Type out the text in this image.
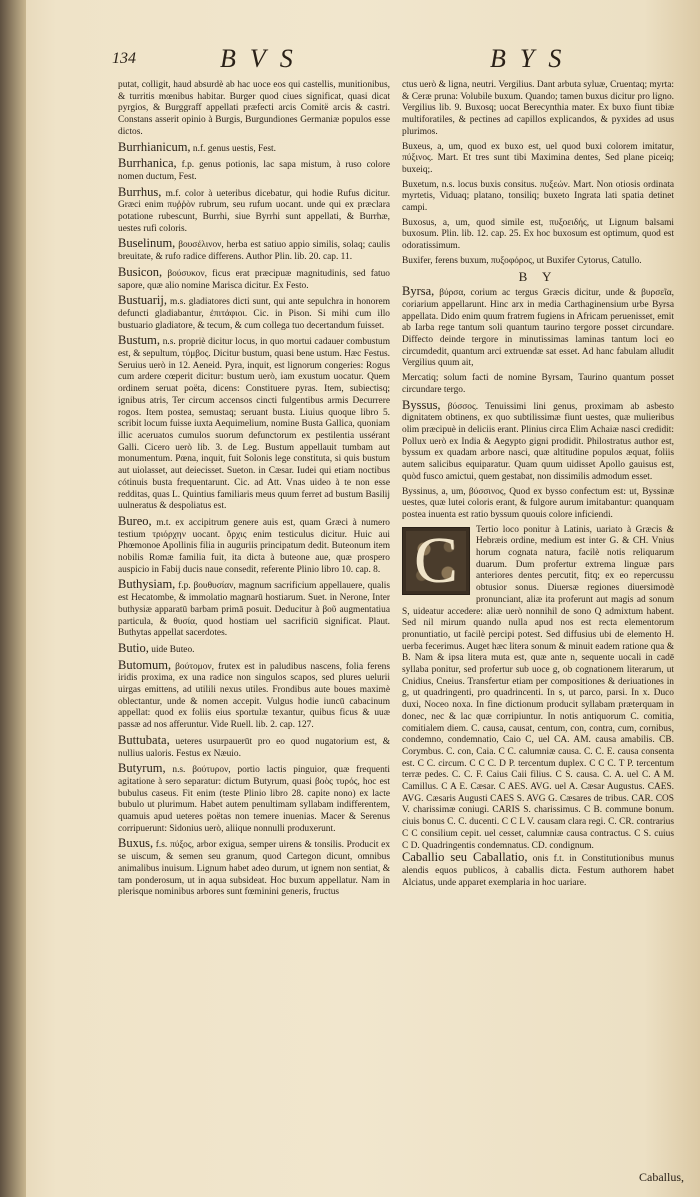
134	BVS	BYS
putat, colligit, haud absurdè ab hac uoce eos qui castellis, munitionibus, & turritis mœnibus habitar. Burger quod ciues significat, quasi dicat pyrgios, & Burggraff appellati præfecti arcis Comitë arcis & castri. Constans asserit opinio à Burgis, Burgundiones Germaniæ populos esse dictos.
Burrhianicum, n.f. genus uestis, Fest.
Burrhanica, f.p. genus potionis, lac sapa mistum, à ruso colore nomen ductum, Fest.
Burrhus, m.f. color à ueteribus dicebatur, qui hodie Rufus dicitur. Græci enim πυῤῥὸν rubrum, seu rufum uocant. unde qui ex præclara potatione rubescunt, Burrhi, siue Byrrhi sunt appellati, & Burrhæ, uestes rufi coloris.
Buselinum, βουσέλινον, herba est satiuo appio similis, solaq; caulis breuitate, & rufo radice differens. Author Plin. lib. 20. cap. 11.
Busicon, βούσυκον, ficus erat præcipuæ magnitudinis, sed fatuo sapore, quæ alio nomine Marisca dicitur. Ex Festo.
Bustuarij, m.s. gladiatores dicti sunt, qui ante sepulchra in honorem defuncti gladiabantur, ἐπιτάφιοι. Cic. in Pison. Si mihi cum illo bustuario gladiatore, & tecum, & cum collega tuo decertandum fuisset.
Bustum, n.s. propriè dicitur locus, in quo mortui cadauer combustum est, & sepultum, τύμβος. Dicitur bustum, quasi bene ustum. Hæc Festus. Seruius uerò in 12. Aeneid. Pyra, inquit, est lignorum congeries: Rogus cum ardere cœperit dicitur: bustum uerò, iam exustum uocatur. Quem ordinem seruat poëta, dicens: Constituere pyras. Item, subiectisq; ignibus atris, Ter circum accensos cincti fulgentibus armis Decurrere rogos. Item postea, semustaq; seruant busta. Liuius quoque libro 5. scribit locum fuisse iuxta Aequimelium, nomine Busta Gallica, quoniam illic aceruatos cumulos suorum defunctorum ex pestilentia ussérant Galli. Cicero uerò lib. 3. de Leg. Bustum appellauit tumbam aut monumentum. Pœna, inquit, fuit Solonis lege constituta, si quis bustum aut uiolasset, aut deiecisset. Sueton. in Cæsar. Iudei qui etiam noctibus cótinuis busta frequentarunt. Cic. ad Att. Vnas uideo à te non esse redditas, quas L. Quintius familiaris meus quum ferret ad bustum Basilij uulneratus & despoliatus est.
Bureo, m.t. ex accipitrum genere auis est, quam Græci à numero testium τριόρχην uocant. ὄρχις enim testiculus dicitur. Huic aui Phœmonoe Apollinis filia in auguriis principatum dedit. Buteonum item nobilis Romæ familia fuit, ita dicta à buteone aue, quæ prospero auspicio in Fabij ducis naue consedit, referente Plinio libro 10. cap. 8.
Buthysiam, f.p. βουθυσίαν, magnum sacrificium appellauere, qualis est Hecatombe, & immolatio magnarū hostiarum. Suet. in Nerone, Inter buthysiæ apparatū barbam primā posuit. Deducitur à βοῦ augmentatiua particula, & θυσία, quod hostiam uel sacrificiū significat. Plaut. Buthytas appellat sacerdotes.
Butio, uide Buteo.
Butomum, βούτομον, frutex est in paludibus nascens, folia ferens iridis proxima, ex una radice non singulos scapos, sed plures uelurii uirgas emittens, ad utilili nexus utiles. Frondibus aute boues maximè oblectantur, unde & nomen accepit. Vulgus hodie iuncū cabacinum appellat: quod ex foliis eius sportulæ texantur, quibus ficus & uuæ passæ ad nos afferuntur. Vide Ruell. lib. 2. cap. 127.
Buttubata, ueteres usurpauerūt pro eo quod nugatorium est, & nullius ualoris. Festus ex Næuio.
Butyrum, n.s. βούτυρον, portio lactis pinguior, quæ frequenti agitatione à sero separatur: dictum Butyrum, quasi βοὸς τυρός, hoc est bubulus caseus. Fit enim (teste Plinio libro 28. capite nono) ex lacte bubulo ut plurimum. Habet autem penultimam syllabam indifferentem, quamuis apud ueteres poëtas non temere inuenias. Macer & Serenus corripuerunt: Sidonius uerò, aliique nonnulli produxerunt.
Buxus, f.s. πύξος, arbor exigua, semper uirens & tonsilis. Producit ex se uiscum, & semen seu granum, quod Cartegon dicunt, omnibus animalibus inuisum. Lignum habet adeo durum, ut ignem non sentiat, & tam ponderosum, ut in aqua subsideat. Hoc buxum appellatur. Nam in plerisque nominibus arbores sunt fœminini generis, fructus
ctus uerò & ligna, neutri. Vergilius. Dant arbuta syluæ, Cruentaq; myrta: & Ceræ pruna: Volubile buxum. Quando; tamen buxus dicitur pro ligno. Vergilius lib. 9. Buxosq; uocat Berecynthia mater. Ex buxo fiunt tibiæ multiforatiles, & pectines ad capillos explicandos, & pyxides ad usus plurimos.
Buxeus, a, um, quod ex buxo est, uel quod buxi colorem imitatur, πύξινος. Mart. Et tres sunt tibi Maximina dentes, Sed plane piceiq; buxeiq;.
Buxetum, n.s. locus buxis consitus. πυξεών. Mart. Non otiosis ordinata myrtetis, Viduaq; platano, tonsiliq; buxeto Ingrata lati spatia detinet campi.
Buxosus, a, um, quod simile est, πυξοειδής, ut Lignum balsami buxosum. Plin. lib. 12. cap. 25. Ex hoc buxosum est optimum, quod est odoratissimum.
Buxifer, ferens buxum, πυξοφόρος, ut Buxifer Cytorus, Catullo.
B Y
Byrsa, βύρσα, corium ac tergus Græcis dicitur, unde & βυρσεῖα, coriarium appellarunt. Hinc arx in media Carthaginensium urbe Byrsa appellata. Dido enim quum fratrem fugiens in Africam peruenisset, emit ab Iarba rege tantum soli quantum taurino tergore posset circundare. Diffecto deinde tergore in minutissimas laminas tantum loci eo circumdedit, quantum arci extruendæ sat esset. Ad hanc fabulam alludit Vergilius quum ait,
Mercatiq; solum facti de nomine Byrsam, Taurino quantum posset circundare tergo.
Byssus, βύσσος. Tenuissimi lini genus, proximam ab asbesto dignitatem obtinens, ex quo subtilissimæ fiunt uestes, quæ mulieribus olim præcipuè in deliciis erant. Plinius circa Elim Achaiæ nasci credidit: Pollux uerò ex India & Aegypto gigni prodidit. Philostratus author est, byssum ex quadam arbore nasci, quæ altitudine populos æquat, foliis autem salicibus equiparatur. Quam quum uidisset Apollo gauisus est, quòd fusco amictui, quem gestabat, non dissimilis admodum esset.
Byssinus, a, um, βύσσινος, Quod ex bysso confectum est: ut, Byssinæ uestes, quæ lutei coloris erant, & fulgore aurum imitabantur: quanquam postea inuenta est ratio byssum quouis colore inficiendi.
C	Tertio loco ponitur à Latinis, uariato à Græcis & Hebræis ordine, medium est inter G. & CH. Vnius horum cognata natura, facilè notis reliquarum duarum. Dum profertur extrema linguæ pars anteriores dentes percutit, fitq; ex eo repercussu obtusior sonus. Diuersæ regiones diuersimodè pronunciant, aliæ ita proferunt aut magis ad sonum S, uideatur accedere: aliæ uerò nonnihil de sono Q admixtum habent. Sed nil mirum quando nulla apud nos est recta elementorum pronuntiatio, ut facilè percipi potest. Sed diffusius ubi de elemento H. uerba fecerimus. Auget hæc litera sonum & minuit eadem ratione qua & B. Nam & ipsa litera muta est, quæ ante n, sequente uocali in cadē syllaba ponitur, sed profertur sub uoce g, ob cognationem literarum, ut Cnidius, Cneius. Transfertur etiam per compositiones & deriuationes in g, ut quadringenti, pro quadrincenti. In s, ut parco, parsi. In x. Duco duxi, Noceo noxa. In fine dictionum producit syllabam præterquam in donec, nec & lac quæ corripiuntur. In notis antiquorum C. comitia, comitialem diem. C. causa, causat, centum, con, contra, cum, cornibus, condemno, condemnatio, Caio C, uel CA. AM. causa amabilis. CB. Corymbus. C. con, Caia. C C. calumniæ causa. C. C. E. causa consenta est. C C. circum. C C C. D P. tercentum duplex. C C C. T P. tercentum terræ pedes. C. C. F. Caius Caii filius. C S. causa. C. A. uel C. A M. Camillus. C A E. Cæsar. C AES. AVG. uel A. Cæsar Augustus. CAES. AVG. Cæsaris Augusti CAES S. AVG G. Cæsares de tribus. CAR. COS V. charissimæ coniugi. CARIS S. charissimus. C B. commune bonum. ciuis bonus C. C. ducenti. C C L V. causam clara regi. C. CR. contrarius C C consilium cepit. uel cesset, calumniæ causa contractus. C S. cuius C D. Quadringentis condemnatus. CD. condignum.
Caballio seu Caballatio, onis f.t. in Constitutionibus munus alendis equos publicos, à caballis dicta. Festum authorem habet Alciatus, unde apparet exemplaria in hoc uariare.
Caballus,
